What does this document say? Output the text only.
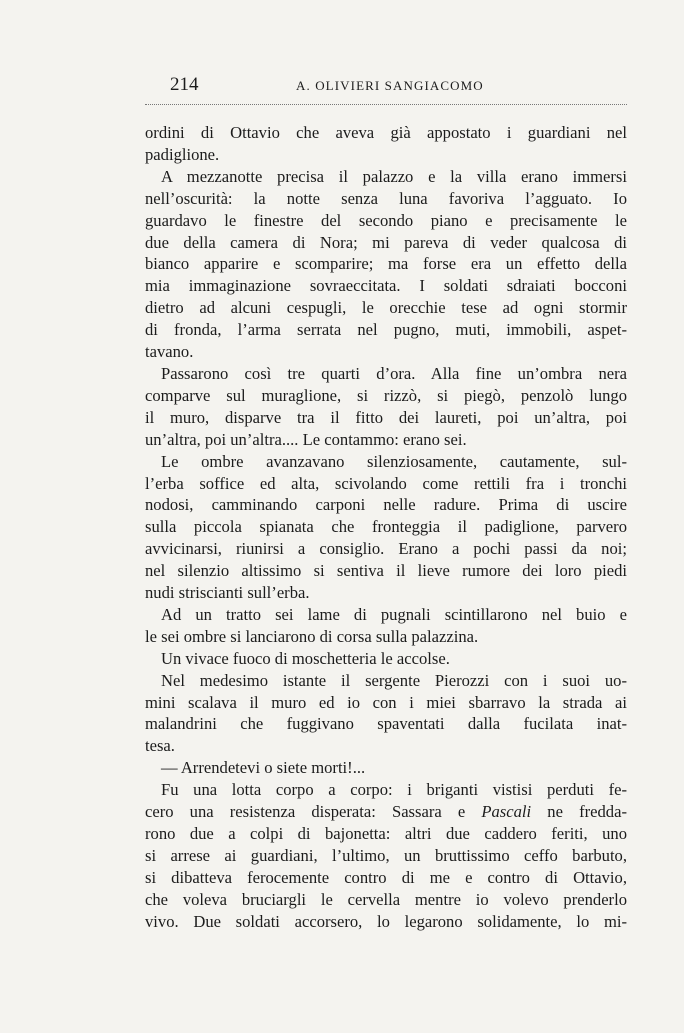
214	A. OLIVIERI SANGIACOMO
ordini di Ottavio che aveva già appostato i guardiani nel
padiglione.
A mezzanotte precisa il palazzo e la villa erano immersi
nell’oscurità: la notte senza luna favoriva l’agguato. Io
guardavo le finestre del secondo piano e precisamente le
due della camera di Nora; mi pareva di veder qualcosa di
bianco apparire e scomparire; ma forse era un effetto della
mia immaginazione sovraeccitata. I soldati sdraiati bocconi
dietro ad alcuni cespugli, le orecchie tese ad ogni stormir
di fronda, l’arma serrata nel pugno, muti, immobili, aspet-
tavano.
Passarono così tre quarti d’ora. Alla fine un’ombra nera
comparve sul muraglione, si rizzò, si piegò, penzolò lungo
il muro, disparve tra il fitto dei laureti, poi un’altra, poi
un’altra, poi un’altra.... Le contammo: erano sei.
Le ombre avanzavano silenziosamente, cautamente, sul-
l’erba soffice ed alta, scivolando come rettili fra i tronchi
nodosi, camminando carponi nelle radure. Prima di uscire
sulla piccola spianata che fronteggia il padiglione, parvero
avvicinarsi, riunirsi a consiglio. Erano a pochi passi da noi;
nel silenzio altissimo si sentiva il lieve rumore dei loro piedi
nudi striscianti sull’erba.
Ad un tratto sei lame di pugnali scintillarono nel buio e
le sei ombre si lanciarono di corsa sulla palazzina.
Un vivace fuoco di moschetteria le accolse.
Nel medesimo istante il sergente Pierozzi con i suoi uo-
mini scalava il muro ed io con i miei sbarravo la strada ai
malandrini che fuggivano spaventati dalla fucilata inat-
tesa.
— Arrendetevi o siete morti!...
Fu una lotta corpo a corpo: i briganti vistisi perduti fe-
cero una resistenza disperata: Sassara e Pascali ne fredda-
rono due a colpi di bajonetta: altri due caddero feriti, uno
si arrese ai guardiani, l’ultimo, un bruttissimo ceffo barbuto,
si dibatteva ferocemente contro di me e contro di Ottavio,
che voleva bruciargli le cervella mentre io volevo prenderlo
vivo. Due soldati accorsero, lo legarono solidamente, lo mi-
